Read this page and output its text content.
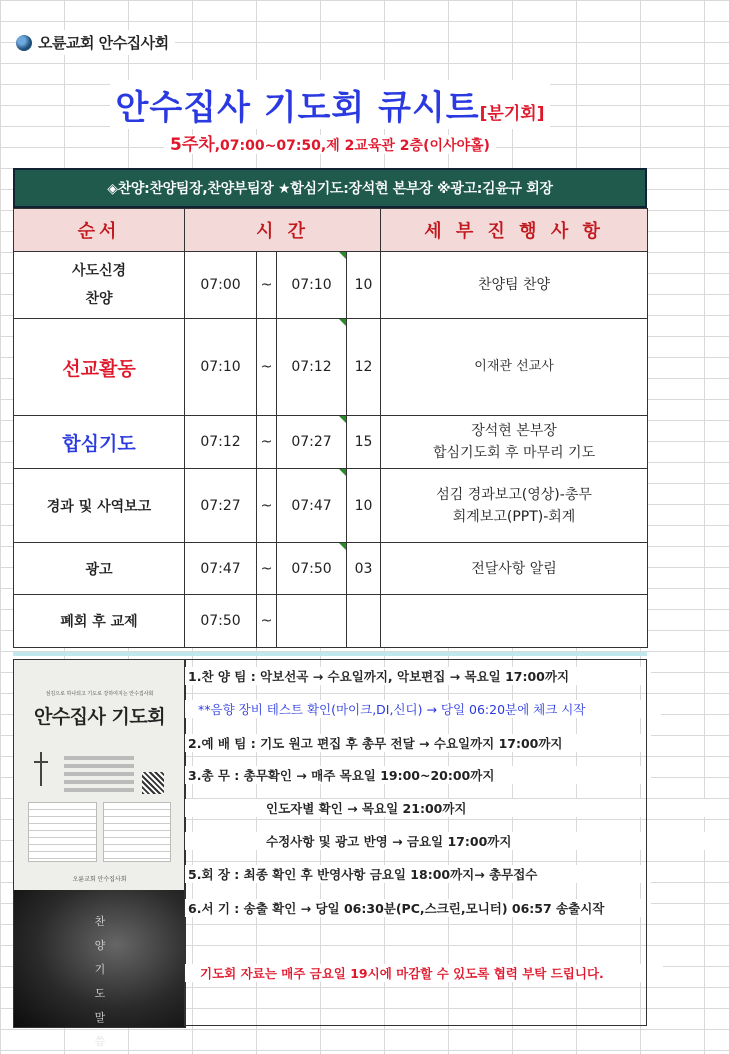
오륜교회 안수집사회
안수집사 기도회 큐시트[분기회]
5주차,07:00~07:50,제 2교육관 2층(이사야홀)
◈찬양:찬양팀장,찬양부팀장 ★합심기도:장석현 본부장 ※광고:김윤규 회장
순서	시 간				세 부 진 행 사 항

사도신경
찬양	07:00	~	07:10	10	찬양팀 찬양

선교활동	07:10	~	07:12	12	이재관 선교사

합심기도	07:12	~	07:27	15	장석현 본부장
합심기도회 후 마무리 기도

경과 및 사역보고	07:27	~	07:47	10	섬김 경과보고(영상)-총무
회계보고(PPT)-회계

광고	07:47	~	07:50	03	전달사항 알림

폐회 후 교제	07:50	~			
섬김으로 하나되고 기도로 강하여지는 안수집사회
안수집사 기도회
오륜교회 안수집사회
찬
양
기
도
말
씀
1.찬 양 팀 : 악보선곡 → 수요일까지, 악보편집 → 목요일 17:00까지
**음향 장비 테스트 확인(마이크,DI,신디) → 당일 06:20분에 체크 시작
2.예 배 팀 : 기도 원고 편집 후 총무 전달 → 수요일까지 17:00까지
3.총 무 : 총무확인 → 매주 목요일 19:00~20:00까지
인도자별 확인 → 목요일 21:00까지
수정사항 및 광고 반영 → 금요일 17:00까지
5.회 장 : 최종 확인 후 반영사항 금요일 18:00까지→ 총무접수
6.서 기 : 송출 확인 → 당일 06:30분(PC,스크린,모니터) 06:57 송출시작
기도회 자료는 매주 금요일 19시에 마감할 수 있도록 협력 부탁 드립니다.
